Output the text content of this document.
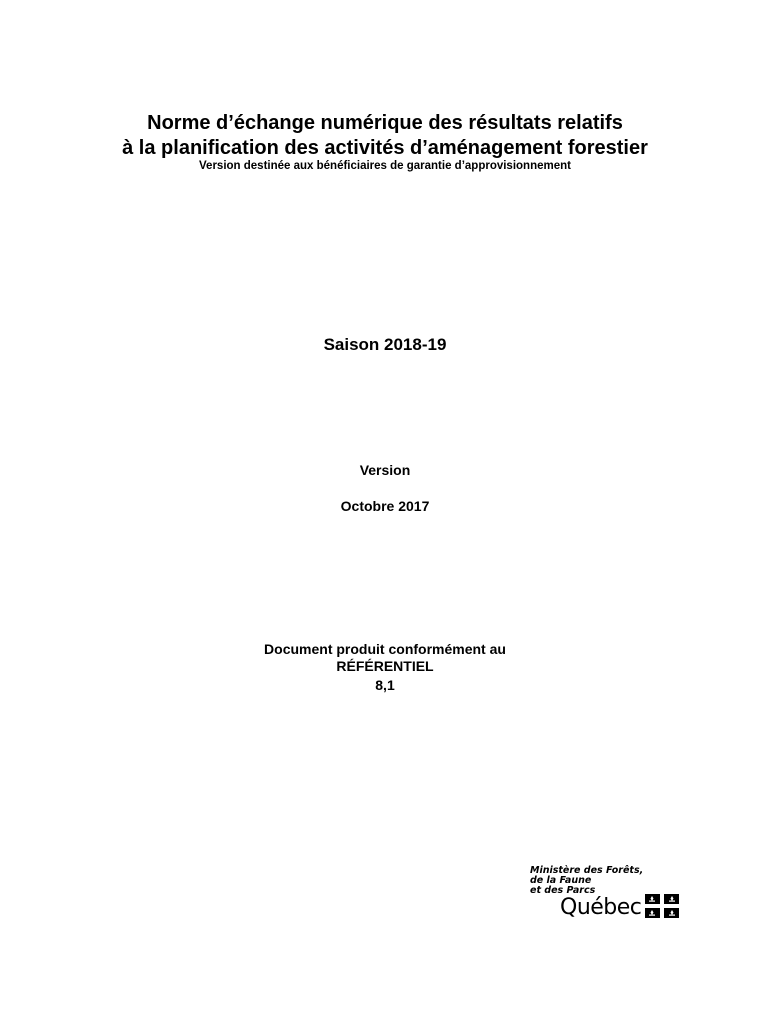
Norme d’échange numérique des résultats relatifs
à la planification des activités d’aménagement forestier
Version destinée aux bénéficiaires de garantie d’approvisionnement
Saison 2018-19
Version
Octobre 2017
Document produit conformément au
RÉFÉRENTIEL
8,1
Ministère des Forêts,
de la Faune
et des Parcs
Québec
